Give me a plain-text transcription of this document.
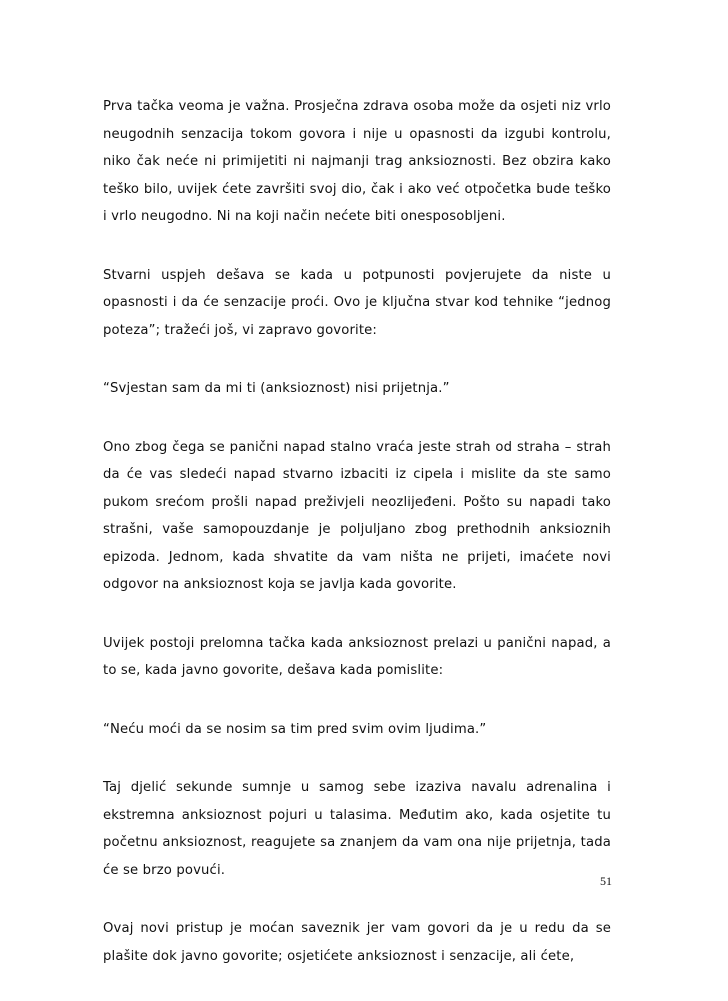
Prva tačka veoma je važna. Prosječna zdrava osoba može da osjeti niz vrlo neugodnih senzacija tokom govora i nije u opasnosti da izgubi kontrolu, niko čak neće ni primijetiti ni najmanji trag anksioznosti. Bez obzira kako teško bilo, uvijek ćete završiti svoj dio, čak i ako već otpočetka bude teško i vrlo neugodno. Ni na koji način nećete biti onesposobljeni.

Stvarni uspjeh dešava se kada u potpunosti povjerujete da niste u opasnosti i da će senzacije proći. Ovo je ključna stvar kod tehnike “jednog poteza”; tražeći još, vi zapravo govorite:

“Svjestan sam da mi ti (anksioznost) nisi prijetnja.”

Ono zbog čega se panični napad stalno vraća jeste strah od straha – strah da će vas sledeći napad stvarno izbaciti iz cipela i mislite da ste samo pukom srećom prošli napad preživjeli neozlijeđeni. Pošto su napadi tako strašni, vaše samopouzdanje je poljuljano zbog prethodnih anksioznih epizoda. Jednom, kada shvatite da vam ništa ne prijeti, imaćete novi odgovor na anksioznost koja se javlja kada govorite.

Uvijek postoji prelomna tačka kada anksioznost prelazi u panični napad, a to se, kada javno govorite, dešava kada pomislite:

“Neću moći da se nosim sa tim pred svim ovim ljudima.”

Taj djelić sekunde sumnje u samog sebe izaziva navalu adrenalina i ekstremna anksioznost pojuri u talasima. Međutim ako, kada osjetite tu početnu anksioznost, reagujete sa znanjem da vam ona nije prijetnja, tada će se brzo povući.

Ovaj novi pristup je moćan saveznik jer vam govori da je u redu da se plašite dok javno govorite; osjetićete anksioznost i senzacije, ali ćete,

51
